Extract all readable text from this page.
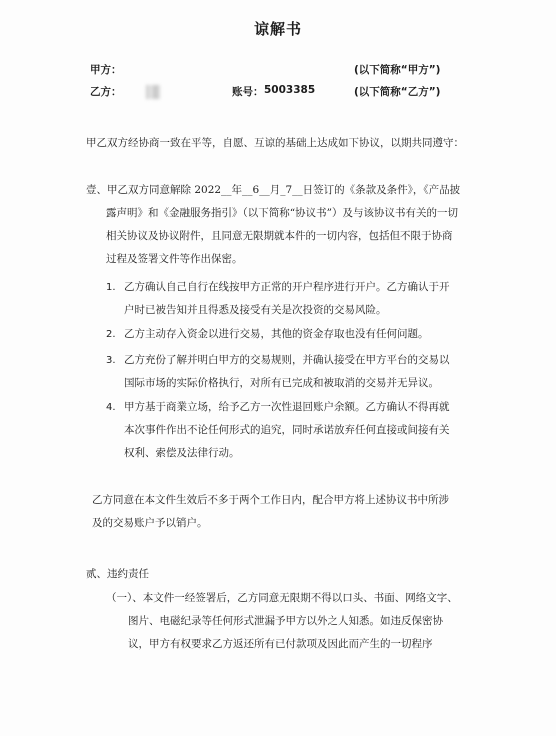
谅解书
甲方：	(以下简称“甲方”)
乙方：	账号： 5003385	(以下简称“乙方”)
甲乙双方经协商一致在平等，自愿、互谅的基础上达成如下协议，以期共同遵守：
壹、甲乙双方同意解除 2022__年__6__月_7__日签订的《条款及条件》，《产品披
露声明》和《金融服务指引》（以下简称“协议书”）及与该协议书有关的一切
相关协议及协议附件，且同意无限期就本件的一切内容，包括但不限于协商
过程及签署文件等作出保密。
1. 乙方确认自己自行在线按甲方正常的开户程序进行开户。乙方确认于开
户时已被告知并且得悉及接受有关是次投资的交易风险。
2. 乙方主动存入资金以进行交易，其他的资金存取也没有任何问题。
3. 乙方充份了解并明白甲方的交易规则，并确认接受在甲方平台的交易以
国际市场的实际价格执行，对所有已完成和被取消的交易并无异议。
4. 甲方基于商業立场，给予乙方一次性退回账户余额。乙方确认不得再就
本次事件作出不论任何形式的追究，同时承诺放弃任何直接或间接有关
权利、索偿及法律行动。
乙方同意在本文件生效后不多于两个工作日内，配合甲方将上述协议书中所涉
及的交易账户予以销户。
贰、违约责任
（一）、本文件一经签署后，乙方同意无限期不得以口头、书面、网络文字、
图片、电磁纪录等任何形式泄漏予甲方以外之人知悉。如违反保密协
议，甲方有权要求乙方返还所有已付款项及因此而产生的一切程序
